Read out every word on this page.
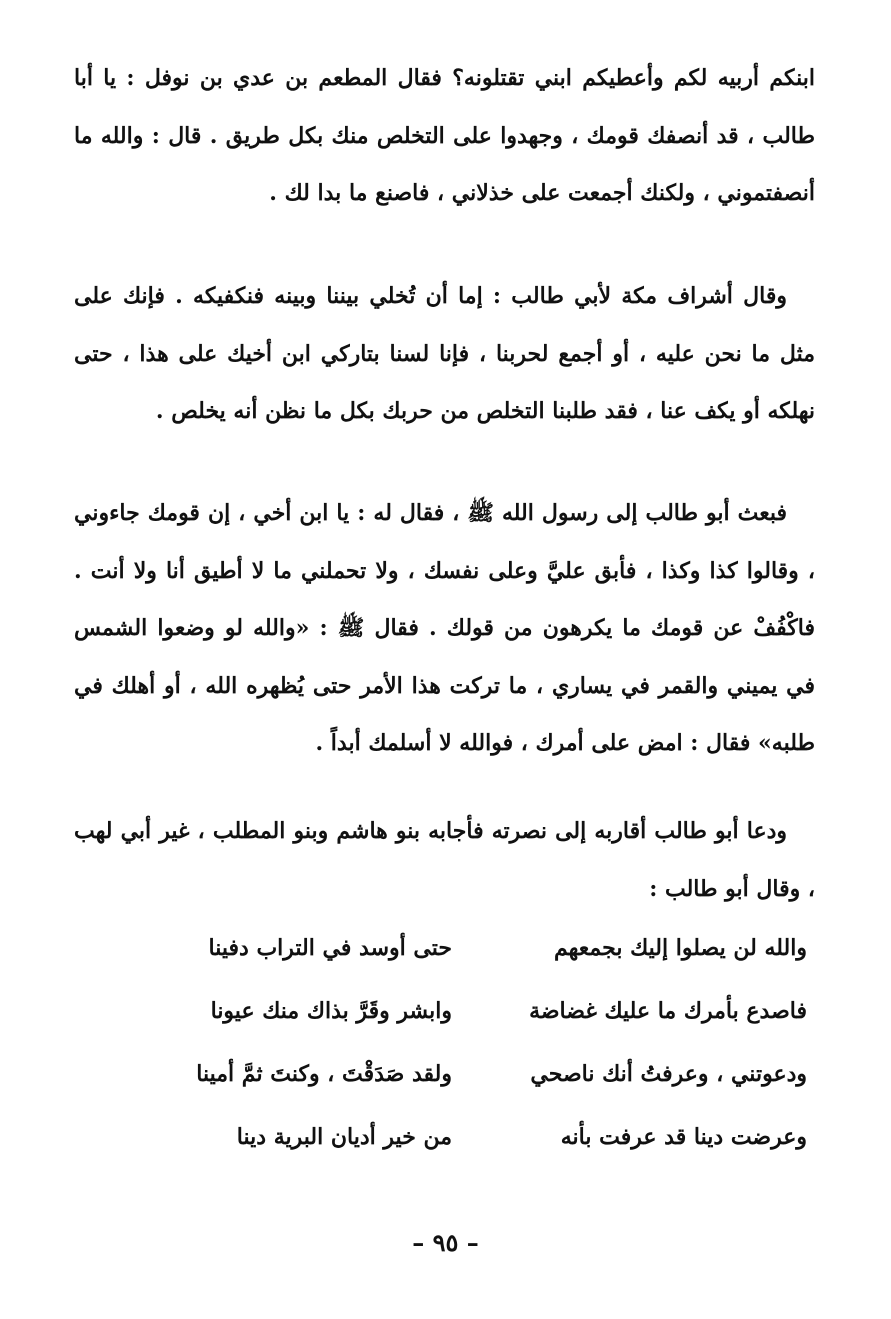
ابنكم أربيه لكم وأعطيكم ابني تقتلونه؟ فقال المطعم بن عدي بن نوفل : يا أبا طالب ، قد أنصفك قومك ، وجهدوا على التخلص منك بكل طريق . قال : والله ما أنصفتموني ، ولكنك أجمعت على خذلاني ، فاصنع ما بدا لك .

وقال أشراف مكة لأبي طالب : إما أن تُخلي بيننا وبينه فنكفيكه . فإنك على مثل ما نحن عليه ، أو أجمع لحربنا ، فإنا لسنا بتاركي ابن أخيك على هذا ، حتى نهلكه أو يكف عنا ، فقد طلبنا التخلص من حربك بكل ما نظن أنه يخلص .

فبعث أبو طالب إلى رسول الله ﷺ ، فقال له : يا ابن أخي ، إن قومك جاءوني ، وقالوا كذا وكذا ، فأبق عليَّ وعلى نفسك ، ولا تحملني ما لا أطيق أنا ولا أنت . فاكْفُفْ عن قومك ما يكرهون من قولك . فقال ﷺ : «والله لو وضعوا الشمس في يميني والقمر في يساري ، ما تركت هذا الأمر حتى يُظهره الله ، أو أهلك في طلبه» فقال : امض على أمرك ، فوالله لا أسلمك أبداً .

ودعا أبو طالب أقاربه إلى نصرته فأجابه بنو هاشم وبنو المطلب ، غير أبي لهب ، وقال أبو طالب :

والله لن يصلوا إليك بجمعهم
حتى أوسد في التراب دفينا
فاصدع بأمرك ما عليك غضاضة
وابشر وقَرَّ بذاك منك عيونا
ودعوتني ، وعرفتُ أنك ناصحي
ولقد صَدَقْتَ ، وكنتَ ثمَّ أمينا
وعرضت دينا قد عرفت بأنه
من خير أديان البرية دينا
– ٩٥ –
